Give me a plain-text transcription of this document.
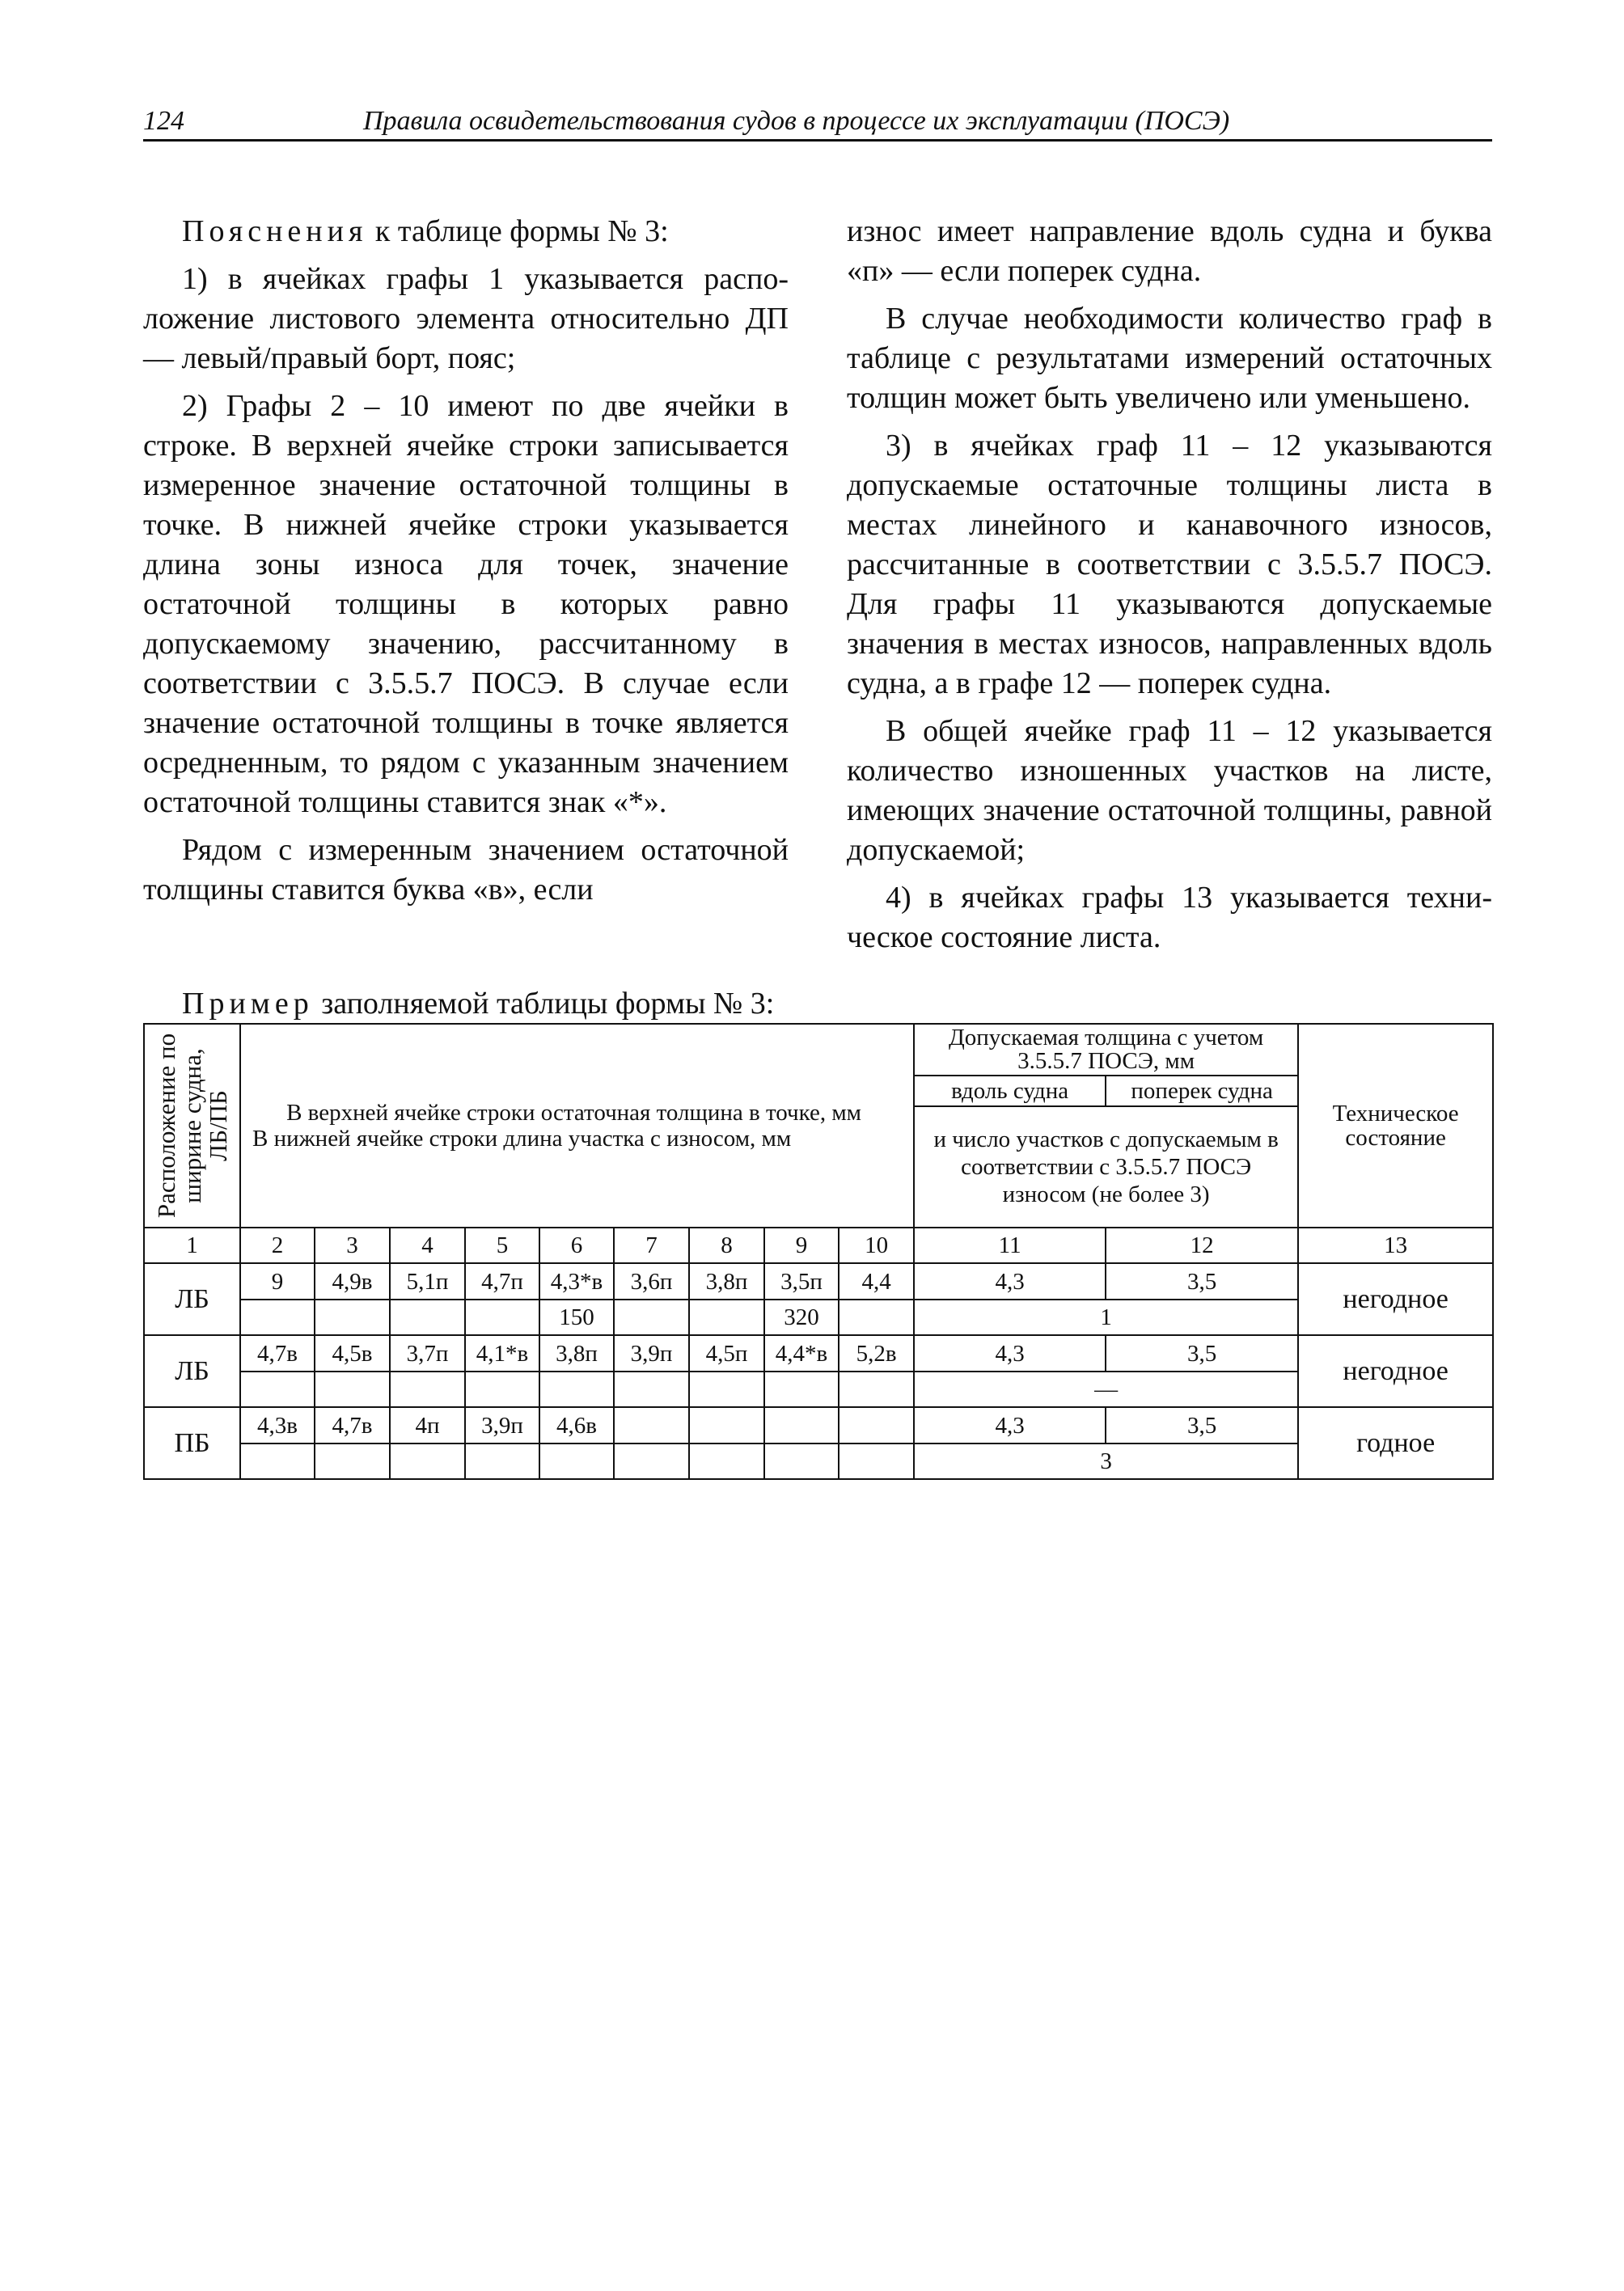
124	Правила освидетельствования судов в процессе их эксплуатации (ПОСЭ)

Пояснения к таблице формы № 3:

1) в ячейках графы 1 указывается расположение листового элемента относительно ДП — левый/правый борт, пояс;

2) Графы 2 – 10 имеют по две ячейки в строке. В верхней ячейке строки записывается измеренное значение остаточной толщины в точке. В нижней ячейке строки указывается длина зоны износа для точек, значение остаточной толщины в которых равно допускаемому значению, рассчитанному в соответствии с 3.5.5.7 ПОСЭ. В случае если значение остаточной толщины в точке является осредненным, то рядом с указанным значением остаточной толщины ставится знак «*».

Рядом с измеренным значением остаточной толщины ставится буква «в», если

износ имеет направление вдоль судна и буква «п» — если поперек судна.

В случае необходимости количество граф в таблице с результатами измерений остаточных толщин может быть увеличено или уменьшено.

3) в ячейках граф 11 – 12 указываются допускаемые остаточные толщины листа в местах линейного и канавочного износов, рассчитанные в соответствии с 3.5.5.7 ПОСЭ. Для графы 11 указываются допускаемые значения в местах износов, направленных вдоль судна, а в графе 12 — поперек судна.

В общей ячейке граф 11 – 12 указывается количество изношенных участков на листе, имеющих значение остаточной толщины, равной допускаемой;

4) в ячейках графы 13 указывается техническое состояние листа.

Пример заполняемой таблицы формы № 3:
Расположение по ширине судна, ЛБ/ПБ	В верхней ячейке строки остаточная толщина в точке, мм
В нижней ячейке строки длина участка с износом, мм									Допускаемая толщина с учетом 3.5.5.7 ПОСЭ, мм		Техническое состояние
										вдоль судна	поперек судна	
										и число участков с допускаемым в соответствии с 3.5.5.7 ПОСЭ износом (не более 3)		
1	2	3	4	5	6	7	8	9	10	11	12	13
ЛБ	9	4,9в	5,1п	4,7п	4,3*в	3,6п	3,8п	3,5п	4,4	4,3	3,5	негодное
					150			320		1		
ЛБ	4,7в	4,5в	3,7п	4,1*в	3,8п	3,9п	4,5п	4,4*в	5,2в	4,3	3,5	негодное
										—		
ПБ	4,3в	4,7в	4п	3,9п	4,6в					4,3	3,5	годное
										3		
